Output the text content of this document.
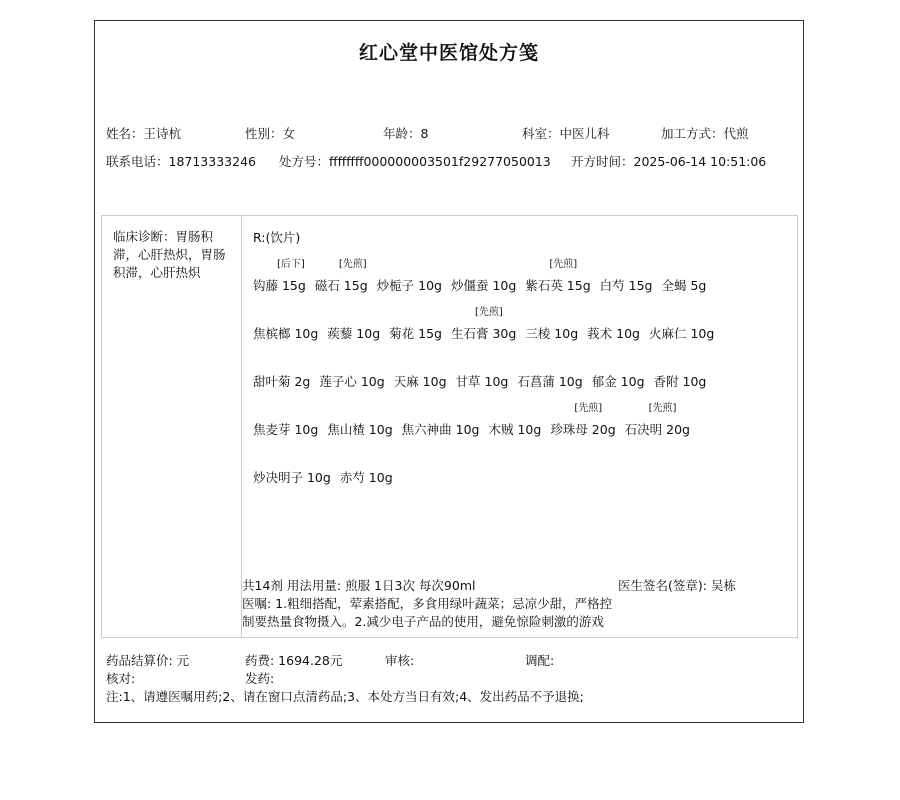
红心堂中医馆处方笺
姓名：王诗杭	性别：女	年龄：8	科室：中医儿科	加工方式：代煎
联系电话：18713333246 处方号：ffffffff000000003501f29277050013 开方时间：2025-06-14 10:51:06
临床诊断：胃肠积滞，心肝热炽，胃肠积滞，心肝热炽
R:(饮片)
钩藤 15g
[后下]
磁石 15g
[先煎]
炒栀子 10g 炒僵蚕 10g 紫石英 15g
[先煎]
白芍 15g 全蝎 5g
焦槟榔 10g 蒺藜 10g 菊花 15g 生石膏 30g
[先煎]
三棱 10g 莪术 10g 火麻仁 10g
甜叶菊 2g 莲子心 10g 天麻 10g 甘草 10g 石菖蒲 10g 郁金 10g 香附 10g
焦麦芽 10g 焦山楂 10g 焦六神曲 10g 木贼 10g 珍珠母 20g
[先煎]
石决明 20g
[先煎]
炒决明子 10g 赤芍 10g
共14剂 用法用量: 煎服 1日3次 每次90ml	医生签名(签章): 吴栋
医嘱: 1.粗细搭配，荤素搭配，多食用绿叶蔬菜；忌凉少甜，严格控制要热量食物摄入。2.减少电子产品的使用，避免惊险刺激的游戏
药品结算价: 元	药费: 1694.28元	审核:	调配:
核对:	发药:
注:1、请遵医嘱用药;2、请在窗口点清药品;3、本处方当日有效;4、发出药品不予退换;
